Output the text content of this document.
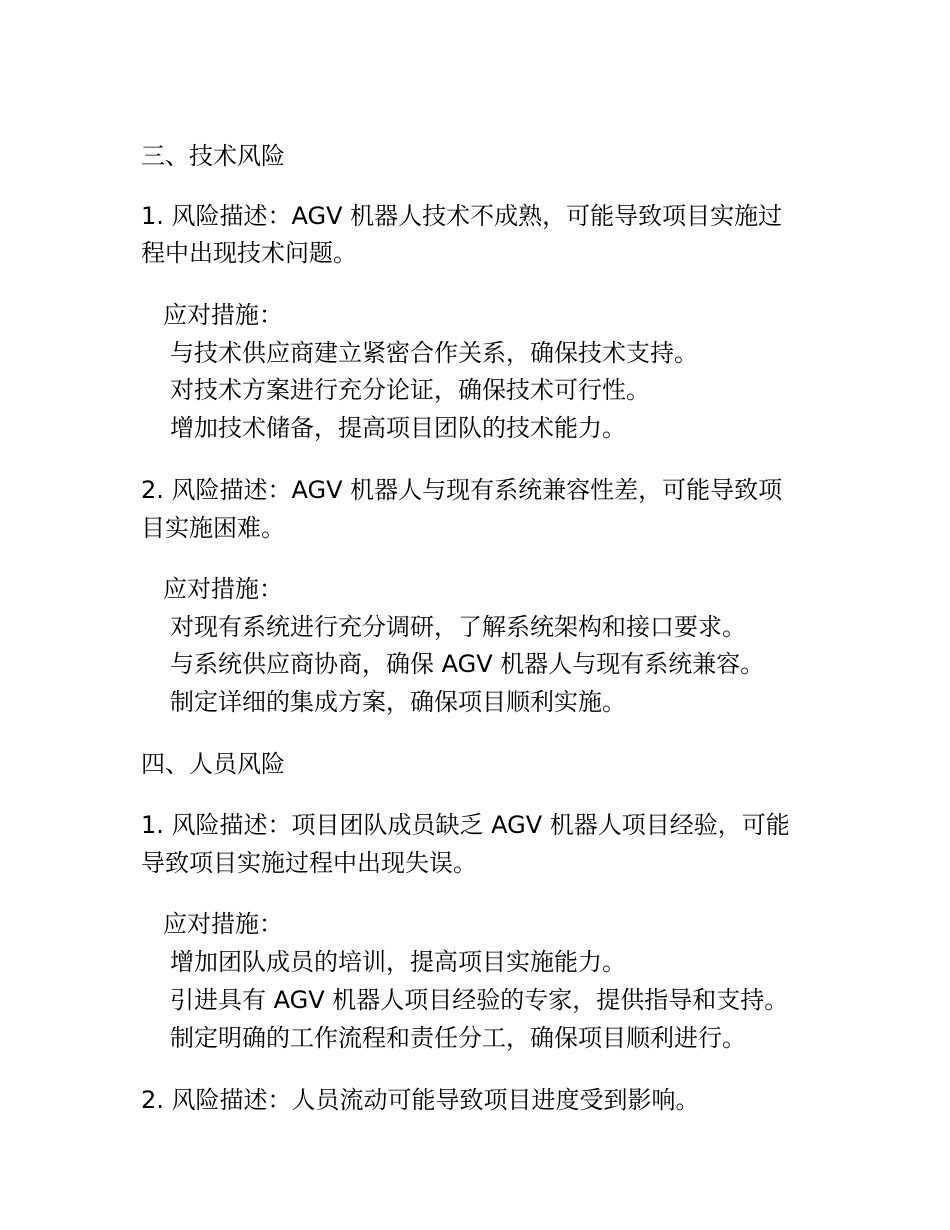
三、技术风险

1. 风险描述：AGV 机器人技术不成熟，可能导致项目实施过

程中出现技术问题。

应对措施：

与技术供应商建立紧密合作关系，确保技术支持。

对技术方案进行充分论证，确保技术可行性。

增加技术储备，提高项目团队的技术能力。

2. 风险描述：AGV 机器人与现有系统兼容性差，可能导致项

目实施困难。

应对措施：

对现有系统进行充分调研，了解系统架构和接口要求。

与系统供应商协商，确保 AGV 机器人与现有系统兼容。

制定详细的集成方案，确保项目顺利实施。

四、人员风险

1. 风险描述：项目团队成员缺乏 AGV 机器人项目经验，可能

导致项目实施过程中出现失误。

应对措施：

增加团队成员的培训，提高项目实施能力。

引进具有 AGV 机器人项目经验的专家，提供指导和支持。

制定明确的工作流程和责任分工，确保项目顺利进行。

2. 风险描述：人员流动可能导致项目进度受到影响。
